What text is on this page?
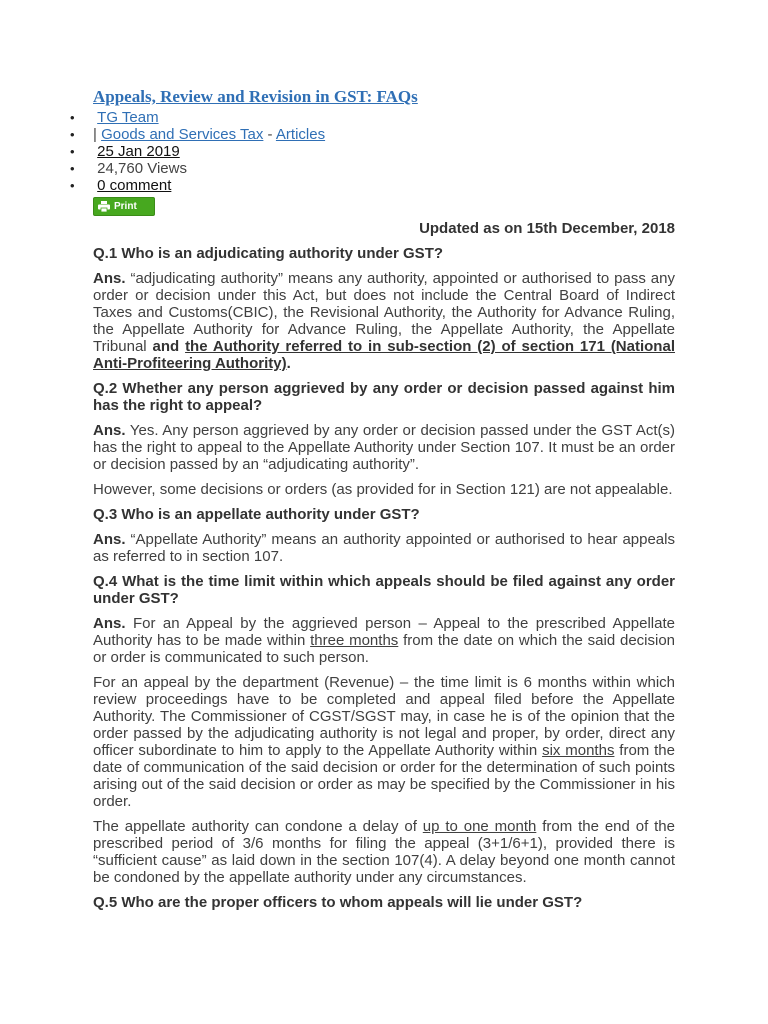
Appeals, Review and Revision in GST: FAQs
• TG Team
• | Goods and Services Tax - Articles
• 25 Jan 2019
• 24,760 Views
• 0 comment
Print
Updated as on 15th December, 2018
Q.1 Who is an adjudicating authority under GST?
Ans. “adjudicating authority” means any authority, appointed or authorised to pass any order or decision under this Act, but does not include the Central Board of Indirect Taxes and Customs(CBIC), the Revisional Authority, the Authority for Advance Ruling, the Appellate Authority for Advance Ruling, the Appellate Authority, the Appellate Tribunal and the Authority referred to in sub-section (2) of section 171 (National Anti-Profiteering Authority).
Q.2 Whether any person aggrieved by any order or decision passed against him has the right to appeal?
Ans. Yes. Any person aggrieved by any order or decision passed under the GST Act(s) has the right to appeal to the Appellate Authority under Section 107. It must be an order or decision passed by an “adjudicating authority”.
However, some decisions or orders (as provided for in Section 121) are not appealable.
Q.3 Who is an appellate authority under GST?
Ans. “Appellate Authority” means an authority appointed or authorised to hear appeals as referred to in section 107.
Q.4 What is the time limit within which appeals should be filed against any order under GST?
Ans. For an Appeal by the aggrieved person – Appeal to the prescribed Appellate Authority has to be made within three months from the date on which the said decision or order is communicated to such person.
For an appeal by the department (Revenue) – the time limit is 6 months within which review proceedings have to be completed and appeal filed before the Appellate Authority. The Commissioner of CGST/SGST may, in case he is of the opinion that the order passed by the adjudicating authority is not legal and proper, by order, direct any officer subordinate to him to apply to the Appellate Authority within six months from the date of communication of the said decision or order for the determination of such points arising out of the said decision or order as may be specified by the Commissioner in his order.
The appellate authority can condone a delay of up to one month from the end of the prescribed period of 3/6 months for filing the appeal (3+1/6+1), provided there is “sufficient cause” as laid down in the section 107(4). A delay beyond one month cannot be condoned by the appellate authority under any circumstances.
Q.5 Who are the proper officers to whom appeals will lie under GST?
